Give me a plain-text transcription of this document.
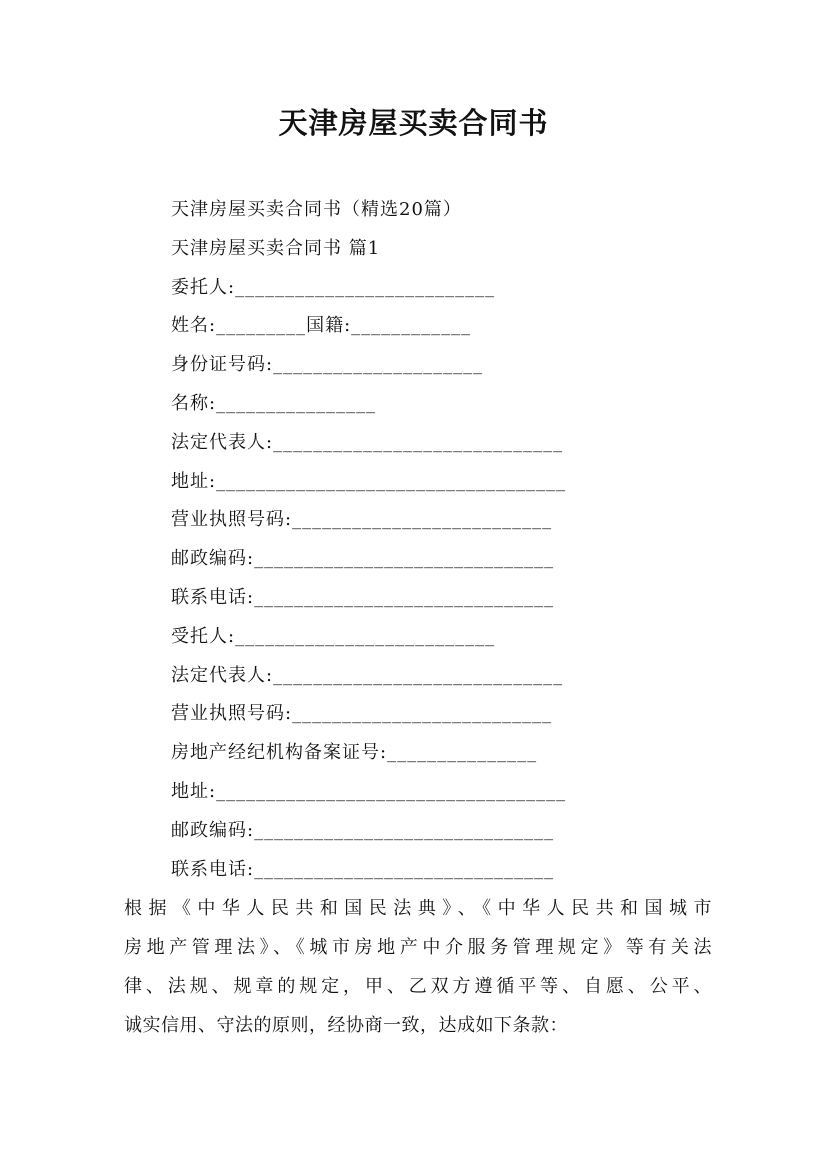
天津房屋买卖合同书
天津房屋买卖合同书（精选20篇）
天津房屋买卖合同书 篇1
委托人:__________________________
姓名:_________国籍:____________
身份证号码:_____________________
名称:________________
法定代表人:_____________________________
地址:___________________________________
营业执照号码:__________________________
邮政编码:______________________________
联系电话:______________________________
受托人:__________________________
法定代表人:_____________________________
营业执照号码:__________________________
房地产经纪机构备案证号:_______________
地址:___________________________________
邮政编码:______________________________
联系电话:______________________________
根据《中华人民共和国民法典》、《中华人民共和国城市
房地产管理法》、《城市房地产中介服务管理规定》等有关法
律、法规、规章的规定，甲、乙双方遵循平等、自愿、公平、
诚实信用、守法的原则，经协商一致，达成如下条款：
